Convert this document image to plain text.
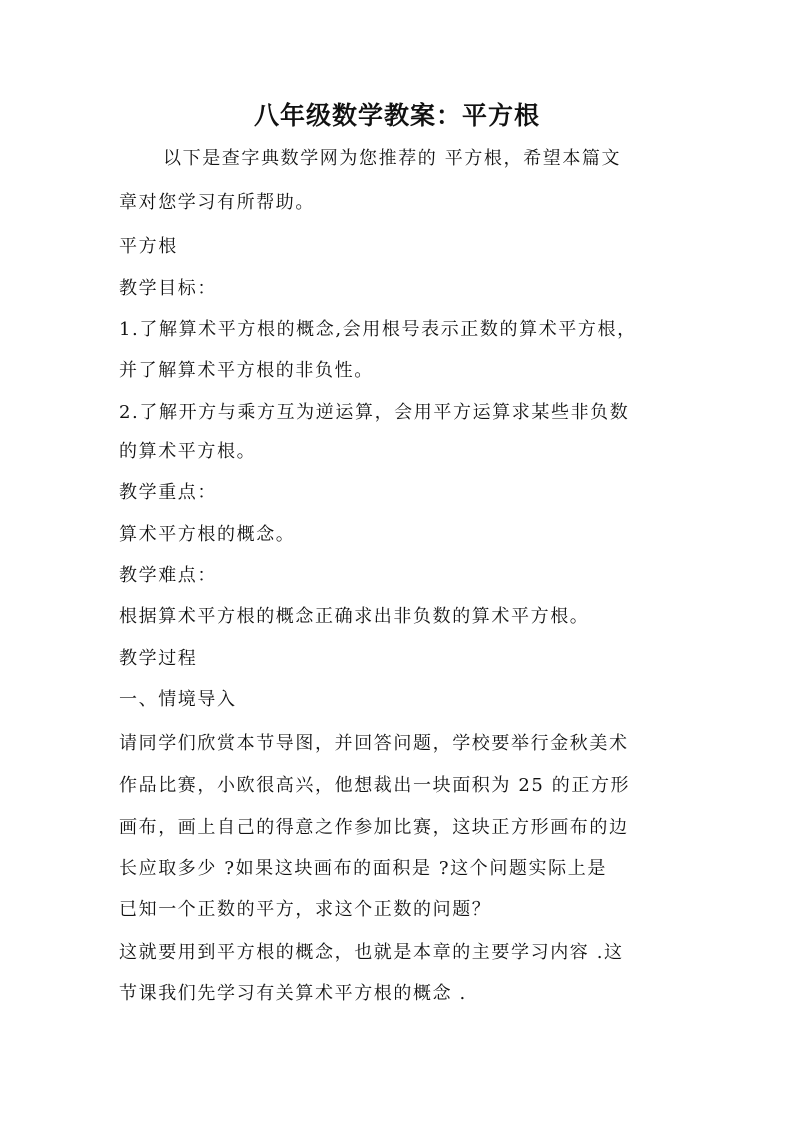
八年级数学教案：平方根
以下是查字典数学网为您推荐的 平方根，希望本篇文
章对您学习有所帮助。
平方根
教学目标：
1.了解算术平方根的概念,会用根号表示正数的算术平方根，
并了解算术平方根的非负性。
2.了解开方与乘方互为逆运算，会用平方运算求某些非负数
的算术平方根。
教学重点：
算术平方根的概念。
教学难点：
根据算术平方根的概念正确求出非负数的算术平方根。
教学过程
一、情境导入
请同学们欣赏本节导图，并回答问题，学校要举行金秋美术
作品比赛，小欧很高兴，他想裁出一块面积为 25 的正方形
画布，画上自己的得意之作参加比赛，这块正方形画布的边
长应取多少 ?如果这块画布的面积是 ?这个问题实际上是
已知一个正数的平方，求这个正数的问题？
这就要用到平方根的概念，也就是本章的主要学习内容 .这
节课我们先学习有关算术平方根的概念 .
